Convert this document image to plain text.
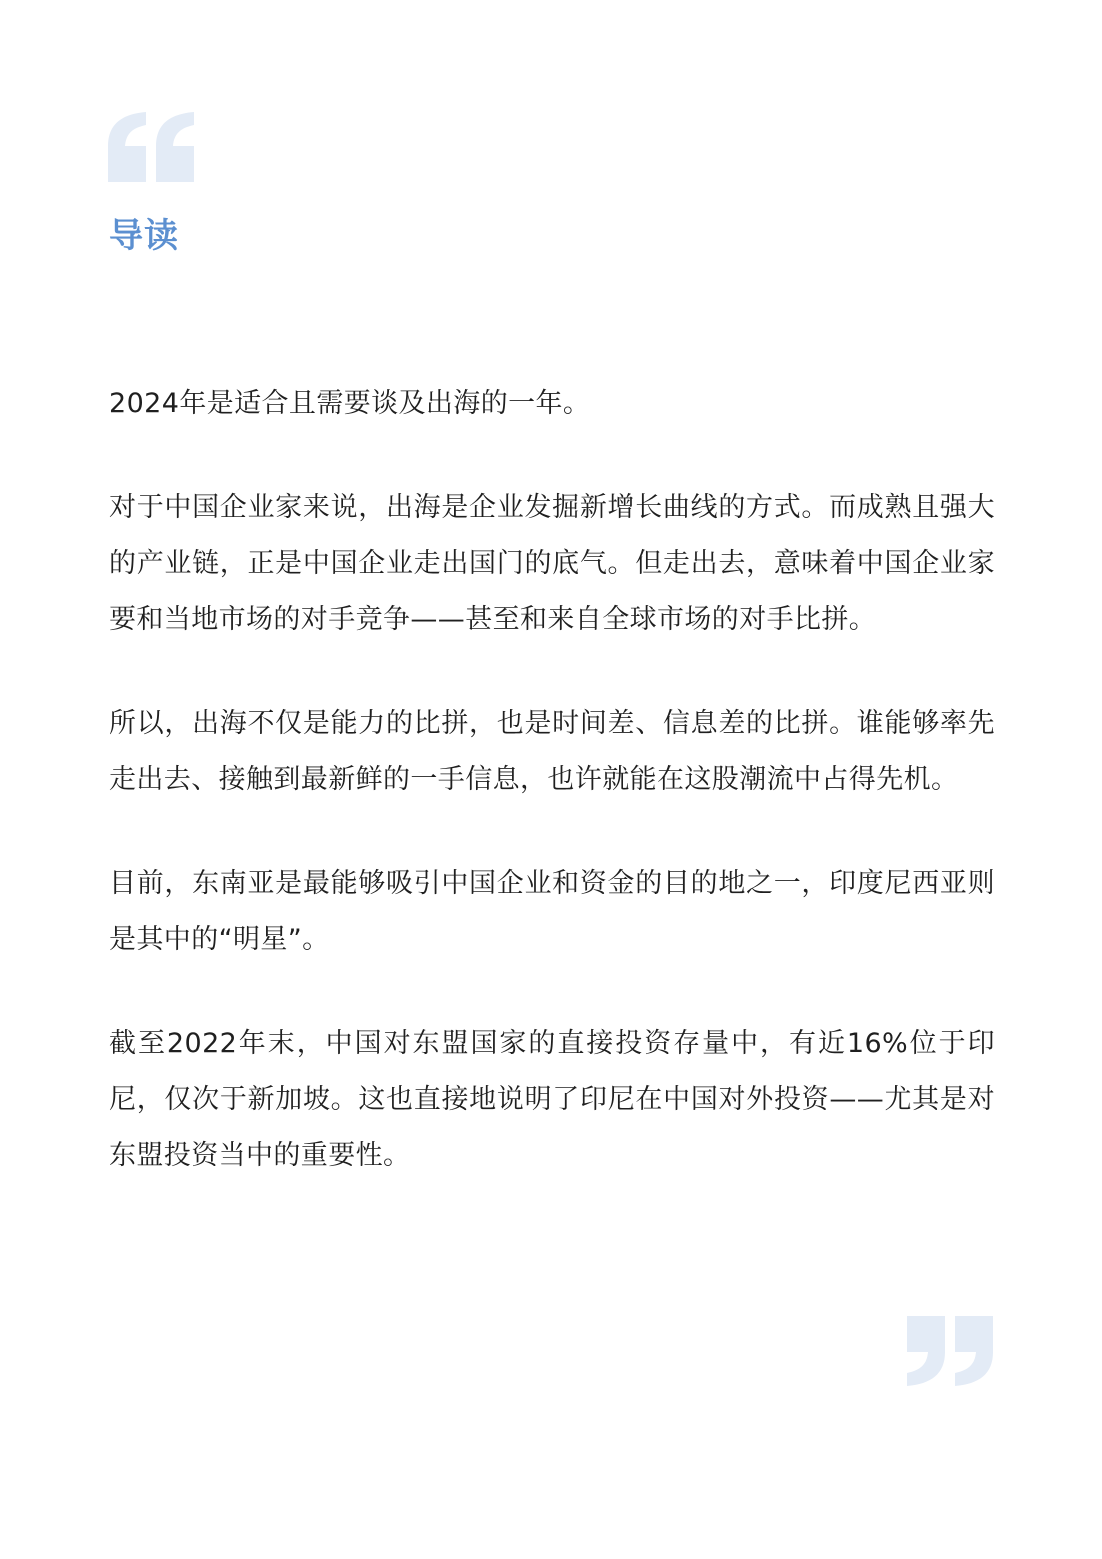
导读

2024年是适合且需要谈及出海的一年。

对于中国企业家来说，出海是企业发掘新增长曲线的方式。而成熟且强大的产业链，正是中国企业走出国门的底气。但走出去，意味着中国企业家要和当地市场的对手竞争——甚至和来自全球市场的对手比拼。

所以，出海不仅是能力的比拼，也是时间差、信息差的比拼。谁能够率先走出去、接触到最新鲜的一手信息，也许就能在这股潮流中占得先机。

目前，东南亚是最能够吸引中国企业和资金的目的地之一，印度尼西亚则是其中的“明星”。

截至2022年末，中国对东盟国家的直接投资存量中，有近16%位于印尼，仅次于新加坡。这也直接地说明了印尼在中国对外投资——尤其是对东盟投资当中的重要性。
